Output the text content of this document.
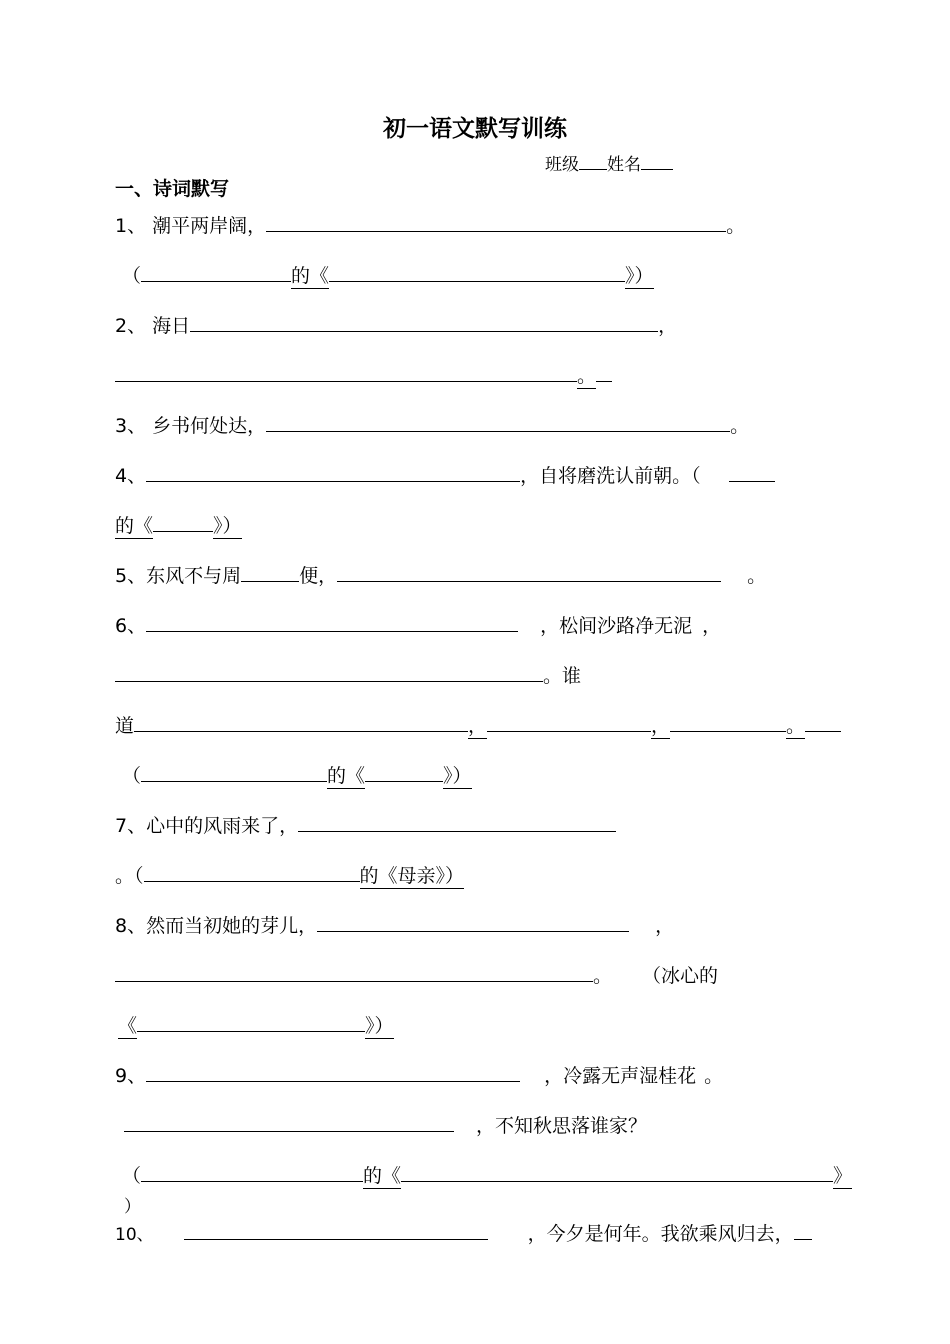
初一语文默写训练
班级 姓名
一、诗词默写
1、 潮平两岸阔，	。
（	的《	》）
2、 海日	，
。
3、 乡书何处达，	。
4、	，自将磨洗认前朝。（
的《	》）
5、东风不与周	便，	。
6、	，松间沙路净无泥 ，
。谁
道	，	，	。
（	的《	》）
7、心中的风雨来了，
。（	的《母亲》）
8、然而当初她的芽儿，	，
。 （冰心的
《	》）
9、	，冷露无声湿桂花 。
，不知秋思落谁家？
（	的《	》
）
10、	，今夕是何年。我欲乘风归去，
